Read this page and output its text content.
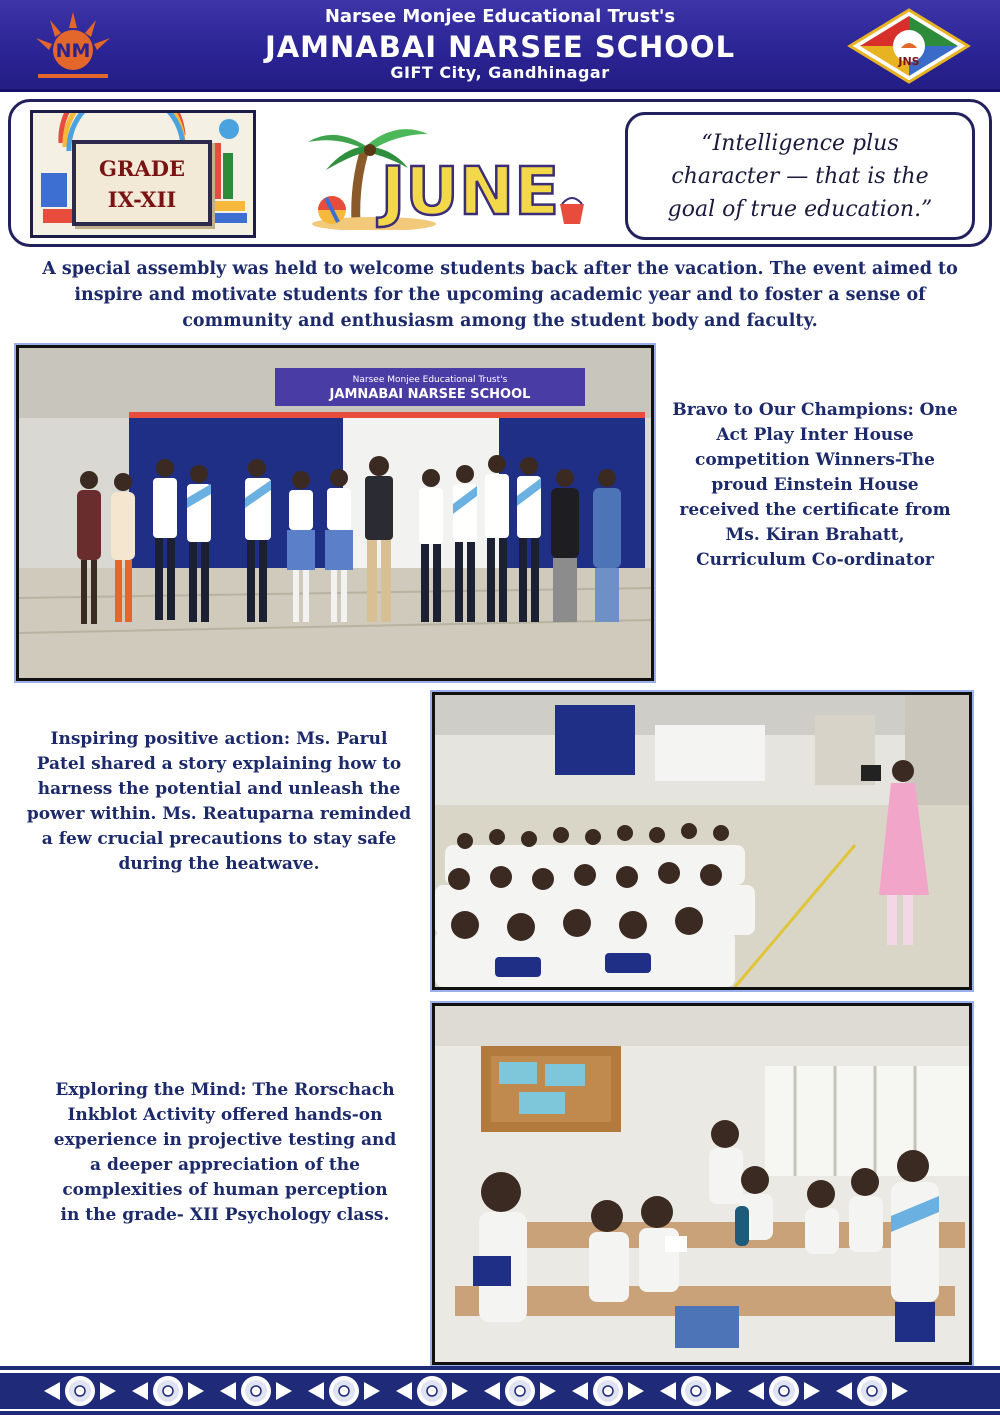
NM
Narsee Monjee Educational Trust's
JAMNABAI NARSEE SCHOOL
GIFT City, Gandhinagar
JNS
GRADE
IX-XII	JUNE
“Intelligence plus character — that is the goal of true education.”
A special assembly was held to welcome students back after the vacation. The event aimed to inspire and motivate students for the upcoming academic year and to foster a sense of community and enthusiasm among the student body and faculty.
Narsee Monjee Educational Trust's
JAMNABAI NARSEE SCHOOL
Bravo to Our Champions: One Act Play Inter House competition Winners-The proud Einstein House received the certificate from Ms. Kiran Brahatt, Curriculum Co-ordinator
Inspiring positive action: Ms. Parul Patel shared a story explaining how to harness the potential and unleash the power within. Ms. Reatuparna reminded a few crucial precautions to stay safe during the heatwave.
Exploring the Mind: The Rorschach Inkblot Activity offered hands-on experience in projective testing and a deeper appreciation of the complexities of human perception in the grade- XII Psychology class.
